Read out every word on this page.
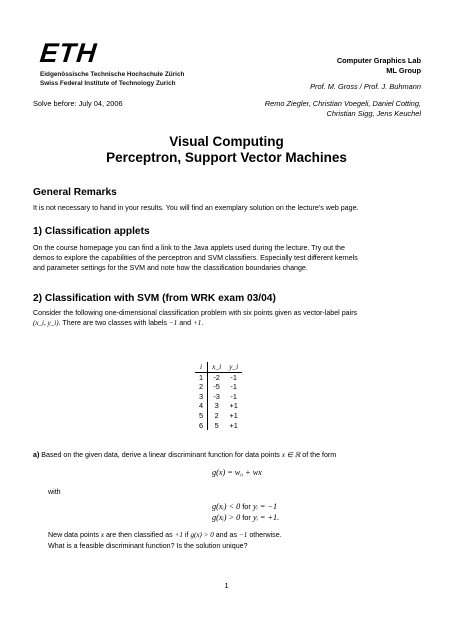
ETH
Eidgenössische Technische Hochschule Zürich
Swiss Federal Institute of Technology Zurich
Computer Graphics Lab
ML Group
Prof. M. Gross / Prof. J. Buhmann
Solve before: July 04, 2006	Remo Ziegler, Christian Voegeli, Daniel Cotting,
Christian Sigg, Jens Keuchel
Visual Computing
Perceptron, Support Vector Machines
General Remarks
It is not necessary to hand in your results. You will find an exemplary solution on the lecture's web page.
1) Classification applets
On the course homepage you can find a link to the Java applets used during the lecture. Try out the
demos to explore the capabilities of the perceptron and SVM classifiers. Especially test different kernels
and parameter settings for the SVM and note how the classification boundaries change.
2) Classification with SVM (from WRK exam 03/04)
Consider the following one-dimensional classification problem with six points given as vector-label pairs
(x_i, y_i). There are two classes with labels −1 and +1.
i	x_i	y_i
1	-2	-1
2	-5	-1
3	-3	-1
4	3	+1
5	2	+1
6	5	+1
a) Based on the given data, derive a linear discriminant function for data points x ∈ ℝ of the form
g(x) = w₀ + wx
with
g(xᵢ) < 0 for yᵢ = −1
g(xᵢ) > 0 for yᵢ = +1.
New data points x are then classified as +1 if g(x) > 0 and as −1 otherwise.
What is a feasible discriminant function? Is the solution unique?
1
